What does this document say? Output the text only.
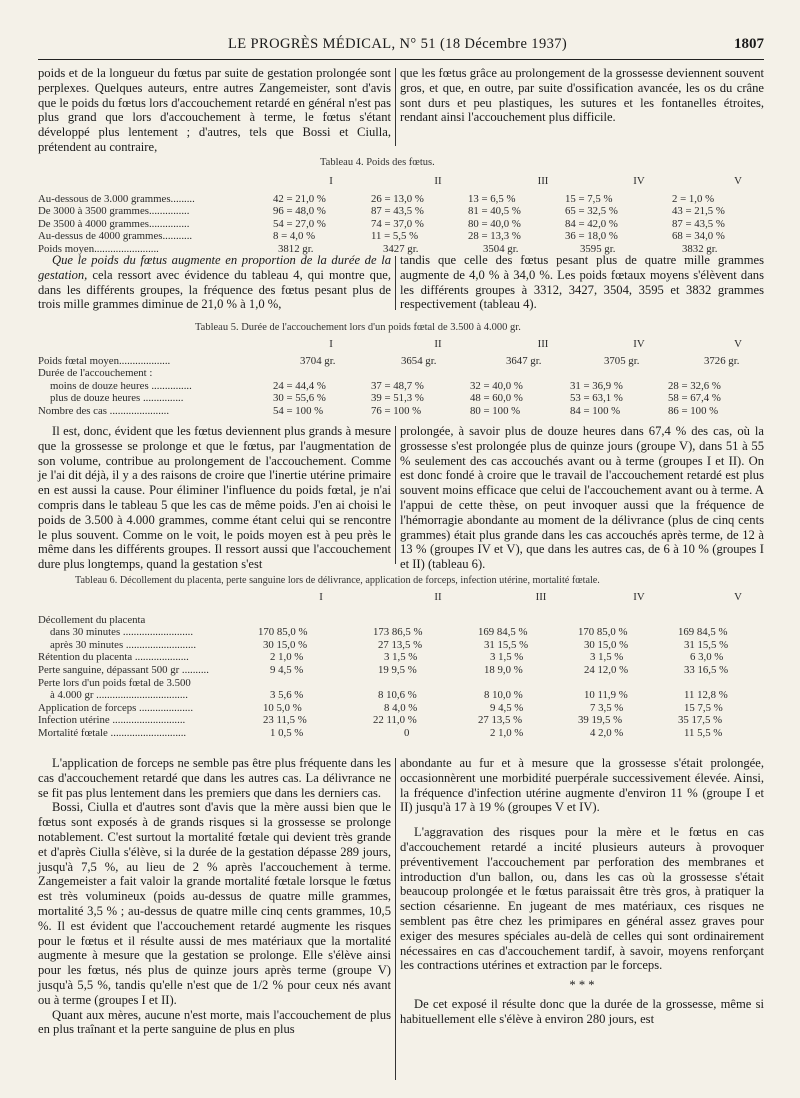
LE PROGRÈS MÉDICAL, N° 51 (18 Décembre 1937)	1807

poids et de la longueur du fœtus par suite de gestation prolongée sont perplexes. Quelques auteurs, entre autres Zangemeister, sont d'avis que le poids du fœtus lors d'accouchement retardé en général n'est pas plus grand que lors d'accouchement à terme, le fœtus s'étant développé plus lentement ; d'autres, tels que Bossi et Ciulla, prétendent au contraire,

que les fœtus grâce au prolongement de la grossesse deviennent souvent gros, et que, en outre, par suite d'ossification avancée, les os du crâne sont durs et peu plastiques, les sutures et les fontanelles étroites, rendant ainsi l'accouchement plus difficile.

Tableau 4. Poids des fœtus.
I	II	III	IV	V
Au-dessous de 3.000 grammes.........	42 = 21,0 %	26 = 13,0 %	13 = 6,5 %	15 = 7,5 %	2 = 1,0 %
De 3000 à 3500 grammes...............	96 = 48,0 %	87 = 43,5 %	81 = 40,5 %	65 = 32,5 %	43 = 21,5 %
De 3500 à 4000 grammes...............	54 = 27,0 %	74 = 37,0 %	80 = 40,0 %	84 = 42,0 %	87 = 43,5 %
Au-dessus de 4000 grammes...........	8 = 4,0 %	11 = 5,5 %	28 = 13,3 %	36 = 18,0 %	68 = 34,0 %
Poids moyen........................	3812 gr.	3427 gr.	3504 gr.	3595 gr.	3832 gr.

Que le poids du fœtus augmente en proportion de la durée de la gestation, cela ressort avec évidence du tableau 4, qui montre que, dans les différents groupes, la fréquence des fœtus pesant plus de trois mille grammes diminue de 21,0 % à 1,0 %,

tandis que celle des fœtus pesant plus de quatre mille grammes augmente de 4,0 % à 34,0 %. Les poids fœtaux moyens s'élèvent dans les différents groupes à 3312, 3427, 3504, 3595 et 3832 grammes respectivement (tableau 4).

Tableau 5. Durée de l'accouchement lors d'un poids fœtal de 3.500 à 4.000 gr.
I	II	III	IV	V
Poids fœtal moyen...................	3704 gr.	3654 gr.	3647 gr.	3705 gr.	3726 gr.
Durée de l'accouchement :
moins de douze heures ...............	24 = 44,4 %	37 = 48,7 %	32 = 40,0 %	31 = 36,9 %	28 = 32,6 %
plus de douze heures ...............	30 = 55,6 %	39 = 51,3 %	48 = 60,0 %	53 = 63,1 %	58 = 67,4 %
Nombre des cas ......................	54 = 100 %	76 = 100 %	80 = 100 %	84 = 100 %	86 = 100 %

Il est, donc, évident que les fœtus deviennent plus grands à mesure que la grossesse se prolonge et que le fœtus, par l'augmentation de son volume, contribue au prolongement de l'accouchement. Comme je l'ai dit déjà, il y a des raisons de croire que l'inertie utérine primaire en est aussi la cause. Pour éliminer l'influence du poids fœtal, je n'ai compris dans le tableau 5 que les cas de même poids. J'en ai choisi le poids de 3.500 à 4.000 grammes, comme étant celui qui se rencontre le plus souvent. Comme on le voit, le poids moyen est à peu près le même dans les différents groupes. Il ressort aussi que l'accouchement dure plus longtemps, quand la gestation s'est

prolongée, à savoir plus de douze heures dans 67,4 % des cas, où la grossesse s'est prolongée plus de quinze jours (groupe V), dans 51 à 55 % seulement des cas accouchés avant ou à terme (groupes I et II). On est donc fondé à croire que le travail de l'accouchement retardé est plus souvent moins efficace que celui de l'accouchement avant ou à terme. A l'appui de cette thèse, on peut invoquer aussi que la fréquence de l'hémorragie abondante au moment de la délivrance (plus de cinq cents grammes) était plus grande dans les cas accouchés après terme, de 12 à 13 % (groupes IV et V), que dans les autres cas, de 6 à 10 % (groupes I et II) (tableau 6).

Tableau 6. Décollement du placenta, perte sanguine lors de délivrance, application de forceps, infection utérine, mortalité fœtale.
I	II	III	IV	V
Décollement du placenta
dans 30 minutes ..........................	170 85,0 %	173 86,5 %	169 84,5 %	170 85,0 %	169 84,5 %
après 30 minutes ..........................	30 15,0 %	27 13,5 %	31 15,5 %	30 15,0 %	31 15,5 %
Rétention du placenta ....................	2 1,0 %	3 1,5 %	3 1,5 %	3 1,5 %	6 3,0 %
Perte sanguine, dépassant 500 gr ..........	9 4,5 %	19 9,5 %	18 9,0 %	24 12,0 %	33 16,5 %
Perte lors d'un poids fœtal de 3.500
à 4.000 gr ..................................	3 5,6 %	8 10,6 %	8 10,0 %	10 11,9 %	11 12,8 %
Application de forceps ....................	10 5,0 %	8 4,0 %	9 4,5 %	7 3,5 %	15 7,5 %
Infection utérine ...........................	23 11,5 %	22 11,0 %	27 13,5 %	39 19,5 %	35 17,5 %
Mortalité fœtale ............................	1 0,5 %	0	2 1,0 %	4 2,0 %	11 5,5 %

L'application de forceps ne semble pas être plus fréquente dans les cas d'accouchement retardé que dans les autres cas. La délivrance ne se fit pas plus lentement dans les premiers que dans les derniers cas.

Bossi, Ciulla et d'autres sont d'avis que la mère aussi bien que le fœtus sont exposés à de grands risques si la grossesse se prolonge notablement. C'est surtout la mortalité fœtale qui devient très grande et d'après Ciulla s'élève, si la durée de la gestation dépasse 289 jours, jusqu'à 7,5 %, au lieu de 2 % après l'accouchement à terme. Zangemeister a fait valoir la grande mortalité fœtale lorsque le fœtus est très volumineux (poids au-dessus de quatre mille grammes, mortalité 3,5 % ; au-dessus de quatre mille cinq cents grammes, 10,5 %. Il est évident que l'accouchement retardé augmente les risques pour le fœtus et il résulte aussi de mes matériaux que la mortalité augmente à mesure que la gestation se prolonge. Elle s'élève ainsi pour les fœtus, nés plus de quinze jours après terme (groupe V) jusqu'à 5,5 %, tandis qu'elle n'est que de 1/2 % pour ceux nés avant ou à terme (groupes I et II).

Quant aux mères, aucune n'est morte, mais l'accouchement de plus en plus traînant et la perte sanguine de plus en plus

abondante au fur et à mesure que la grossesse s'était prolongée, occasionnèrent une morbidité puerpérale successivement élevée. Ainsi, la fréquence d'infection utérine augmente d'environ 11 % (groupe I et II) jusqu'à 17 à 19 % (groupes V et IV).

L'aggravation des risques pour la mère et le fœtus en cas d'accouchement retardé a incité plusieurs auteurs à provoquer préventivement l'accouchement par perforation des membranes et introduction d'un ballon, ou, dans les cas où la grossesse s'était beaucoup prolongée et le fœtus paraissait être très gros, à pratiquer la section césarienne. En jugeant de mes matériaux, ces risques ne semblent pas être chez les primipares en général assez graves pour exiger des mesures spéciales au-delà de celles qui sont ordinairement nécessaires en cas d'accouchement tardif, à savoir, moyens renforçant les contractions utérines et extraction par le forceps.

* * *

De cet exposé il résulte donc que la durée de la grossesse, même si habituellement elle s'élève à environ 280 jours, est
